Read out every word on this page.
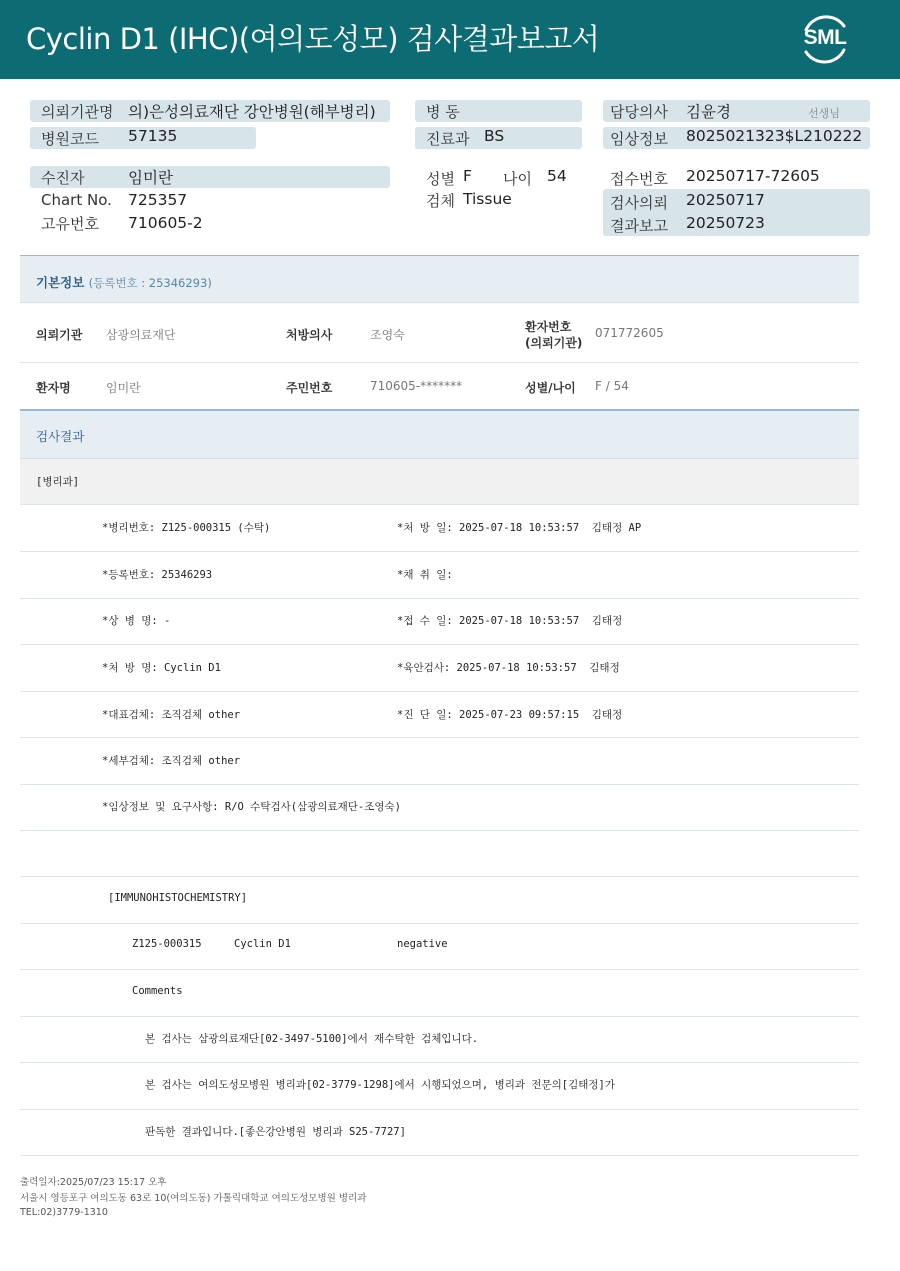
Cyclin D1 (IHC)(여의도성모) 검사결과보고서	SML
의뢰기관명 의)은성의료재단 강안병원(해부병리)
병원코드 57135
병 동
진료과 BS
담당의사 김윤경	선생님
임상정보 8025021323$L210222
수진자	임미란
Chart No. 725357
고유번호 710605-2
성별 F 나이 54
검체 Tissue
접수번호 20250717-72605
검사의뢰 20250717
결과보고 20250723
기본정보 (등록번호 : 25346293)
의뢰기관 삼광의료재단	처방의사	조영숙
환자번호
(의뢰기관)
071772605
환자명	임미란	주민번호	710605-*******	성별/나이 F / 54
검사결과
[병리과]
*병리번호: Z125-000315 (수탁)	*처 방 일: 2025-07-18 10:53:57  김태정 AP
*등록번호: 25346293	*채 취 일:
*상 병 명: -	*접 수 일: 2025-07-18 10:53:57  김태정
*처 방 명: Cyclin D1	*육안검사: 2025-07-18 10:53:57  김태정
*대표검체: 조직검체 other	*진 단 일: 2025-07-23 09:57:15  김태정
*세부검체: 조직검체 other
*임상정보 및 요구사항: R/O 수탁검사(삼광의료재단-조영숙)
[IMMUNOHISTOCHEMISTRY]
Z125-000315	Cyclin D1	negative
Comments
본 검사는 삼광의료재단[02-3497-5100]에서 재수탁한 검체입니다.
본 검사는 여의도성모병원 병리과[02-3779-1298]에서 시행되었으며, 병리과 전문의[김태정]가
판독한 결과입니다.[좋은강안병원 병리과 S25-7727]
출력일자:2025/07/23 15:17 오후
서울시 영등포구 여의도동 63로 10(여의도동) 가톨릭대학교 여의도성모병원 병리과
TEL:02)3779-1310
